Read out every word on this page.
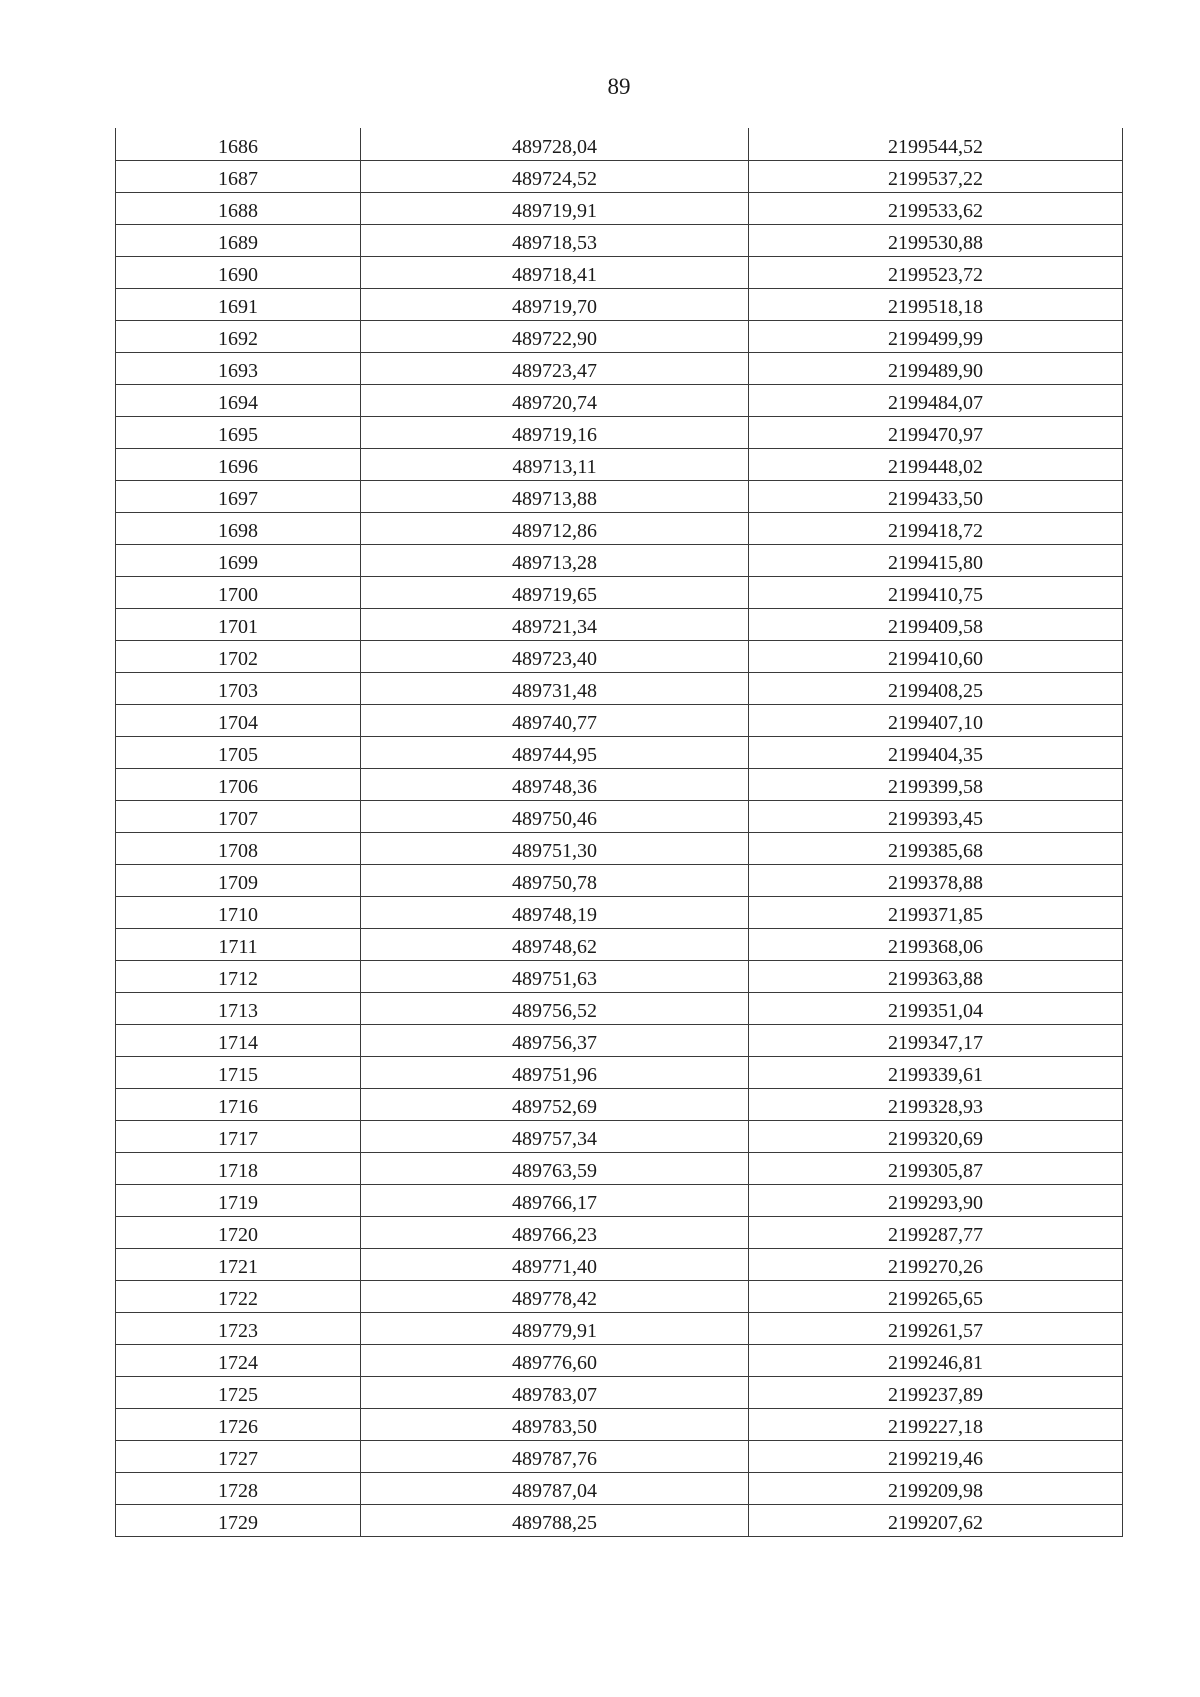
89
1686	489728,04	2199544,52
1687	489724,52	2199537,22
1688	489719,91	2199533,62
1689	489718,53	2199530,88
1690	489718,41	2199523,72
1691	489719,70	2199518,18
1692	489722,90	2199499,99
1693	489723,47	2199489,90
1694	489720,74	2199484,07
1695	489719,16	2199470,97
1696	489713,11	2199448,02
1697	489713,88	2199433,50
1698	489712,86	2199418,72
1699	489713,28	2199415,80
1700	489719,65	2199410,75
1701	489721,34	2199409,58
1702	489723,40	2199410,60
1703	489731,48	2199408,25
1704	489740,77	2199407,10
1705	489744,95	2199404,35
1706	489748,36	2199399,58
1707	489750,46	2199393,45
1708	489751,30	2199385,68
1709	489750,78	2199378,88
1710	489748,19	2199371,85
1711	489748,62	2199368,06
1712	489751,63	2199363,88
1713	489756,52	2199351,04
1714	489756,37	2199347,17
1715	489751,96	2199339,61
1716	489752,69	2199328,93
1717	489757,34	2199320,69
1718	489763,59	2199305,87
1719	489766,17	2199293,90
1720	489766,23	2199287,77
1721	489771,40	2199270,26
1722	489778,42	2199265,65
1723	489779,91	2199261,57
1724	489776,60	2199246,81
1725	489783,07	2199237,89
1726	489783,50	2199227,18
1727	489787,76	2199219,46
1728	489787,04	2199209,98
1729	489788,25	2199207,62
